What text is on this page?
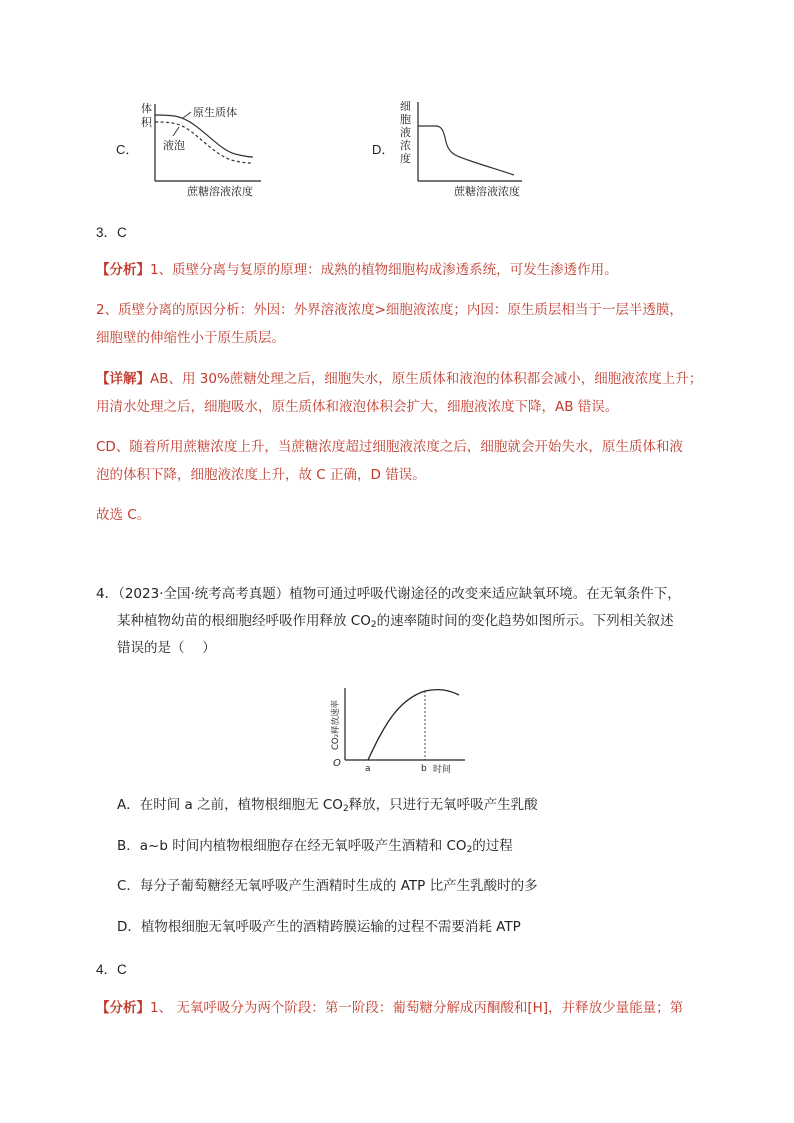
C．
体
积
原生质体
液泡
蔗糖溶液浓度
D．
细
胞
液
浓
度
蔗糖溶液浓度
3．C
【分析】1、质壁分离与复原的原理：成熟的植物细胞构成渗透系统，可发生渗透作用。
2、质壁分离的原因分析：外因：外界溶液浓度>细胞液浓度；内因：原生质层相当于一层半透膜，
细胞壁的伸缩性小于原生质层。
【详解】AB、用 30%蔗糖处理之后，细胞失水，原生质体和液泡的体积都会减小，细胞液浓度上升；
用清水处理之后，细胞吸水，原生质体和液泡体积会扩大，细胞液浓度下降，AB 错误。
CD、随着所用蔗糖浓度上升，当蔗糖浓度超过细胞液浓度之后，细胞就会开始失水，原生质体和液
泡的体积下降，细胞液浓度上升，故 C 正确，D 错误。
故选 C。
4．（2023·全国·统考高考真题）植物可通过呼吸代谢途径的改变来适应缺氧环境。在无氧条件下，
某种植物幼苗的根细胞经呼吸作用释放 $CO_2$的速率随时间的变化趋势如图所示。下列相关叙述
错误的是（　 ）
CO₂释放速率
O	a	b 时间
A．在时间 a 之前，植物根细胞无 $CO_2$释放，只进行无氧呼吸产生乳酸
B．a~b 时间内植物根细胞存在经无氧呼吸产生酒精和 $CO_2$的过程
C．每分子葡萄糖经无氧呼吸产生酒精时生成的 ATP 比产生乳酸时的多
D．植物根细胞无氧呼吸产生的酒精跨膜运输的过程不需要消耗 ATP
4．C
【分析】1、 无氧呼吸分为两个阶段：第一阶段：葡萄糖分解成丙酮酸和[H]，并释放少量能量；第
